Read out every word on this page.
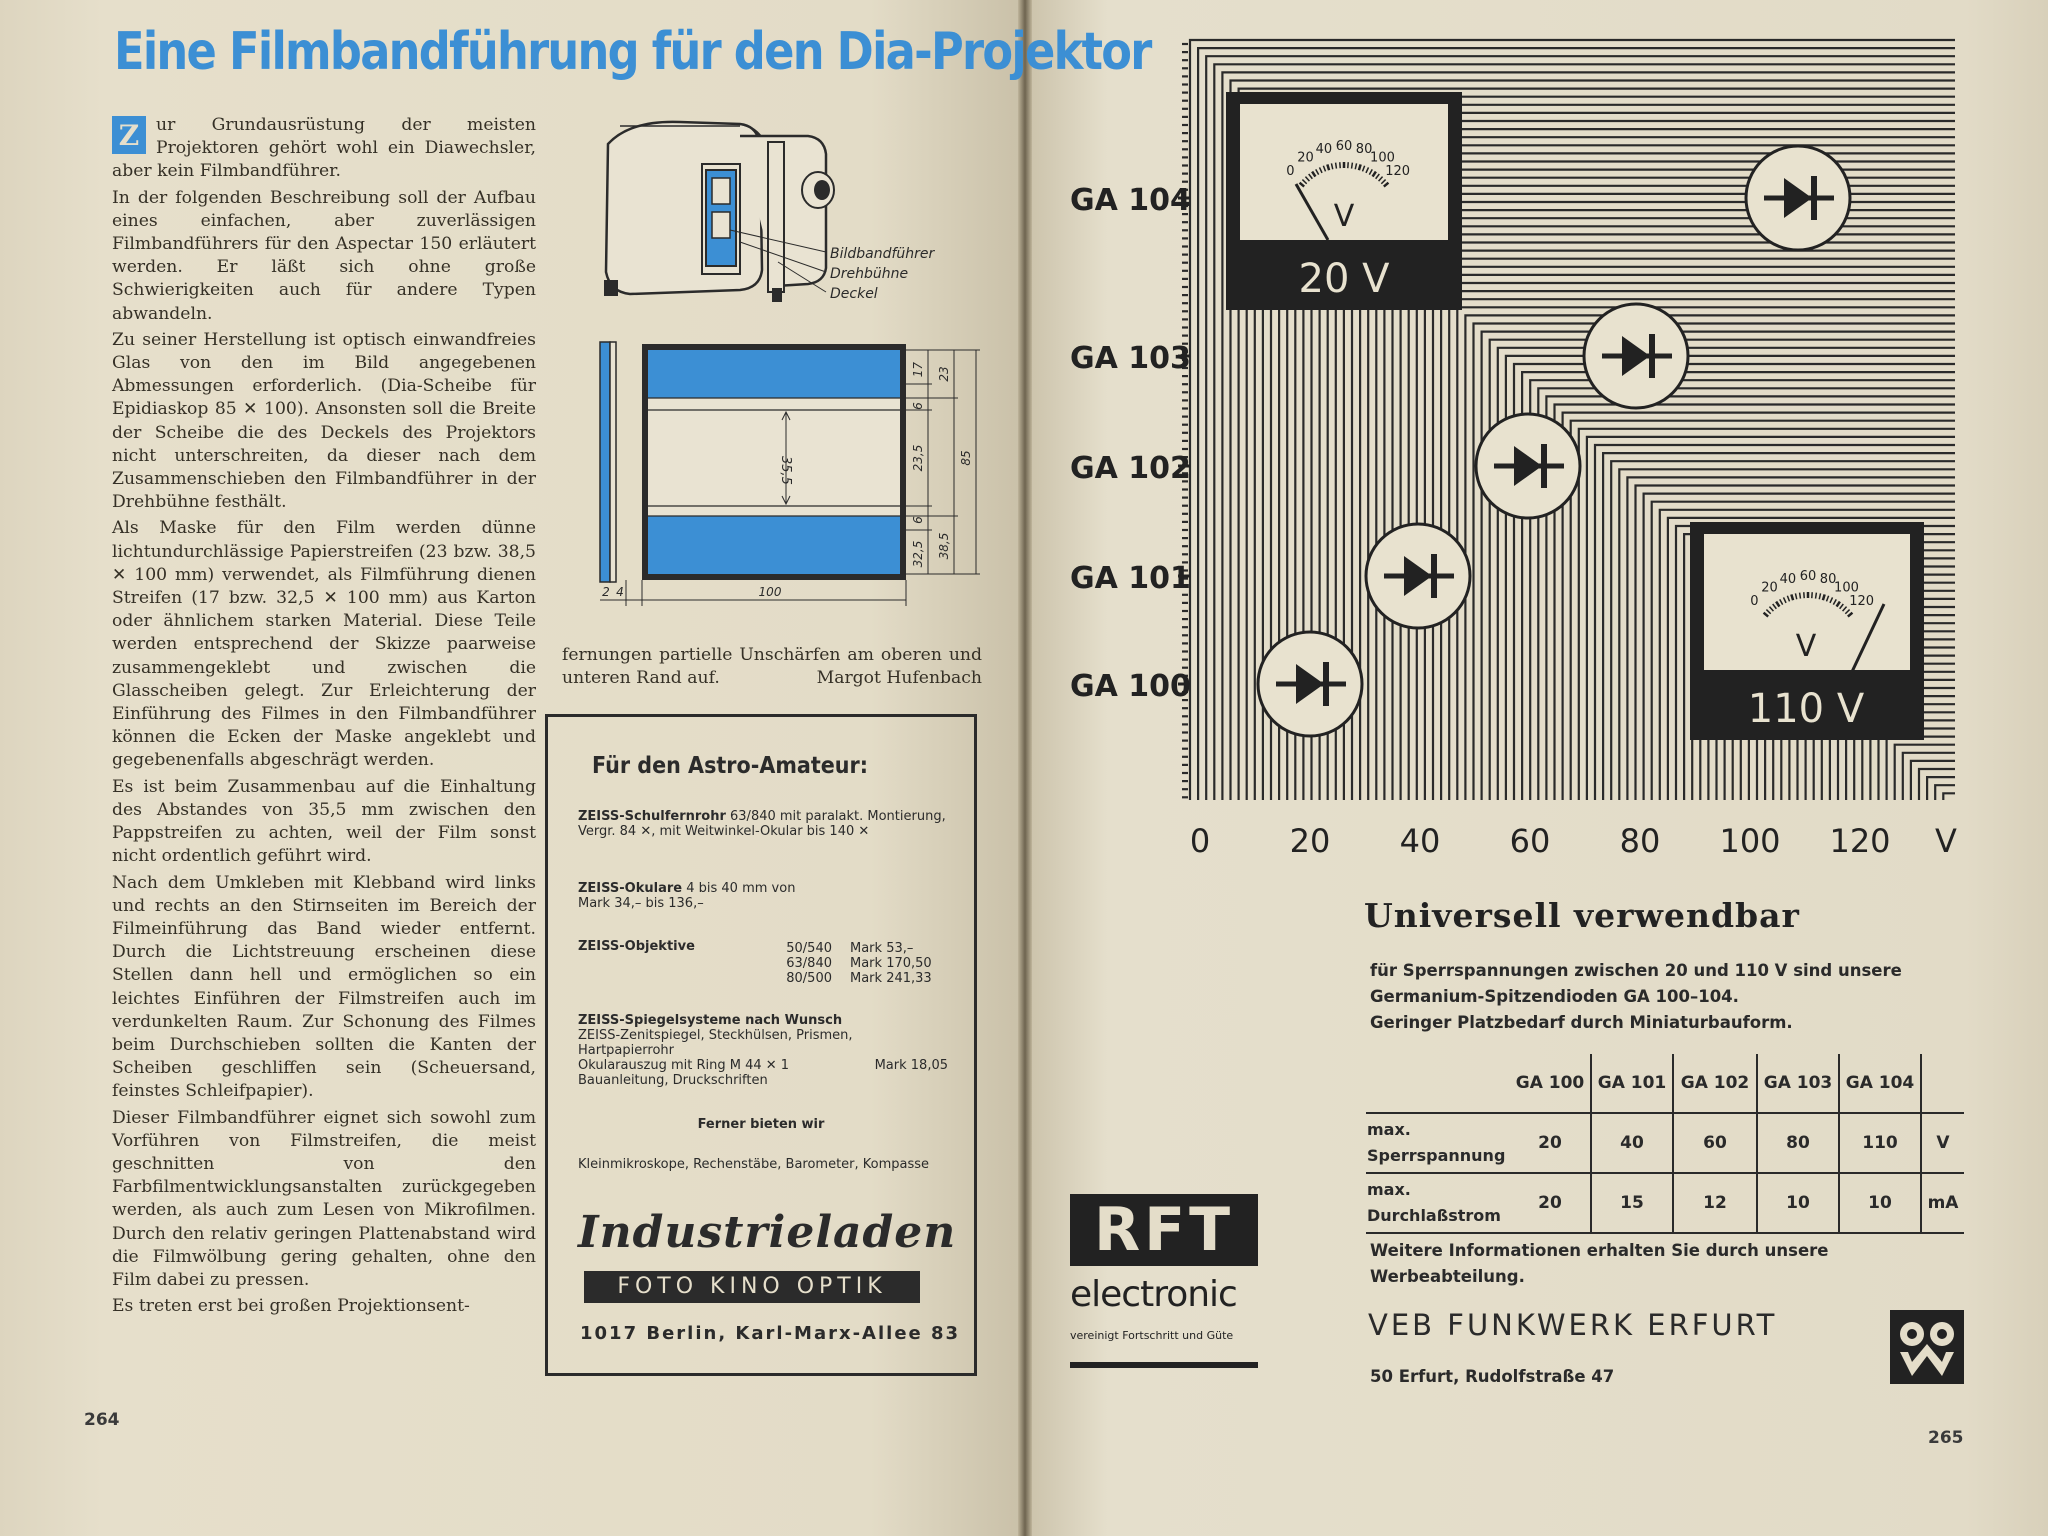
Eine Filmbandführung für den Dia-Projektor

Z ur Grundausrüstung der meisten Projektoren gehört wohl ein Diawechsler, aber kein Filmbandführer.

In der folgenden Beschreibung soll der Aufbau eines einfachen, aber zuverlässigen Filmbandführers für den Aspectar 150 erläutert werden. Er läßt sich ohne große Schwierigkeiten auch für andere Typen abwandeln.

Zu seiner Herstellung ist optisch einwandfreies Glas von den im Bild angegebenen Abmessungen erforderlich. (Dia-Scheibe für Epidiaskop 85 ✕ 100). Ansonsten soll die Breite der Scheibe die des Deckels des Projektors nicht unterschreiten, da dieser nach dem Zusammenschieben den Filmbandführer in der Drehbühne festhält.

Als Maske für den Film werden dünne lichtundurchlässige Papierstreifen (23 bzw. 38,5 ✕ 100 mm) verwendet, als Filmführung dienen Streifen (17 bzw. 32,5 ✕ 100 mm) aus Karton oder ähnlichem starken Material. Diese Teile werden entsprechend der Skizze paarweise zusammengeklebt und zwischen die Glasscheiben gelegt. Zur Erleichterung der Einführung des Filmes in den Filmbandführer können die Ecken der Maske angeklebt und gegebenenfalls abgeschrägt werden.

Es ist beim Zusammenbau auf die Einhaltung des Abstandes von 35,5 mm zwischen den Pappstreifen zu achten, weil der Film sonst nicht ordentlich geführt wird.

Nach dem Umkleben mit Klebband wird links und rechts an den Stirnseiten im Bereich der Filmeinführung das Band wieder entfernt. Durch die Lichtstreuung erscheinen diese Stellen dann hell und ermöglichen so ein leichtes Einführen der Filmstreifen auch im verdunkelten Raum. Zur Schonung des Filmes beim Durchschieben sollten die Kanten der Scheiben geschliffen sein (Scheuersand, feinstes Schleifpapier).

Dieser Filmbandführer eignet sich sowohl zum Vorführen von Filmstreifen, die meist geschnitten von den Farbfilmentwicklungsanstalten zurückgegeben werden, als auch zum Lesen von Mikrofilmen. Durch den relativ geringen Plattenabstand wird die Filmwölbung gering gehalten, ohne den Film dabei zu pressen.

Es treten erst bei großen Projektionsent-

fernungen partielle Unschärfen am oberen und unteren Rand auf.	Margot Hufenbach
264
Bildbandführer
Drehbühne
Deckel
35,5
17 23
6
23,5	85
6
32,5 38,5
100
2 4
Für den Astro-Amateur:
ZEISS-Schulfernrohr 63/840 mit paralakt. Montierung, Vergr. 84 ✕, mit Weitwinkel-Okular bis 140 ✕
ZEISS-Okulare 4 bis 40 mm von Mark 34,– bis 136,–
ZEISS-Objektive	50/540 Mark 53,–
63/840 Mark 170,50
80/500 Mark 241,33
ZEISS-Spiegelsysteme nach Wunsch
ZEISS-Zenitspiegel, Steckhülsen, Prismen, Hartpapierrohr
Okularauszug mit Ring M 44 ✕ 1	Mark 18,05
Bauanleitung, Druckschriften
Ferner bieten wir
Kleinmikroskope, Rechenstäbe, Barometer, Kompasse
Industrieladen
FOTO KINO OPTIK
1017 Berlin, Karl-Marx-Allee 83
0
20
40 60 80
100
120
V
20 V
0
20
40 60 80
100
120
V
110 V
0 20 40 60 80 100 120 V
GA 104
GA 103
GA 102
GA 101
GA 100
Universell verwendbar
für Sperrspannungen zwischen 20 und 110 V sind unsere
Germanium-Spitzendioden GA 100–104.
Geringer Platzbedarf durch Miniaturbauform.
	GA 100	GA 101	GA 102	GA 103	GA 104	
max. Sperrspannung	20	40	60	80	110	V
max. Durchlaßstrom	20	15	12	10	10	mA
Weitere Informationen erhalten Sie durch unsere Werbeabteilung.
VEB FUNKWERK ERFURT
50 Erfurt, Rudolfstraße 47
RFT
electronic
vereinigt Fortschritt und Güte
265
